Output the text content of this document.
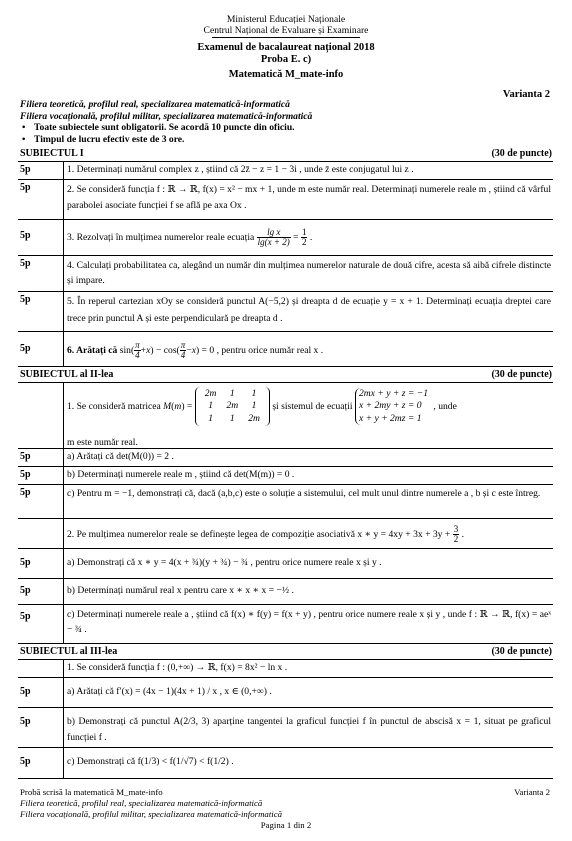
Ministerul Educației Naționale
Centrul Național de Evaluare și Examinare
Examenul de bacalaureat național 2018
Proba E. c)
Matematică M_mate-info
Varianta 2
Filiera teoretică, profilul real, specializarea matematică-informatică
Filiera vocațională, profilul militar, specializarea matematică-informatică
• Toate subiectele sunt obligatorii. Se acordă 10 puncte din oficiu.
• Timpul de lucru efectiv este de 3 ore.
SUBIECTUL I	(30 de puncte)
5p	1. Determinați numărul complex z , știind că 2z̄ − z = 1 − 3i , unde z̄ este conjugatul lui z .
5p	2. Se consideră funcția f : ℝ → ℝ, f(x) = x² − mx + 1, unde m este număr real. Determinați numerele reale m , știind că vârful parabolei asociate funcției f se află pe axa Ox .
5p	3. Rezolvați în mulțimea numerelor reale ecuația $\frac{\text{lg x}}{\lg(x + 2)} = \frac{1}{2}$ .
5p	4. Calculați probabilitatea ca, alegând un număr din mulțimea numerelor naturale de două cifre, acesta să aibă cifrele distincte și impare.
5p	5. În reperul cartezian xOy se consideră punctul A(−5,2) și dreapta d de ecuație y = x + 1. Determinați ecuația dreptei care trece prin punctul A și este perpendiculară pe dreapta d .
5p	6. Arătați că $\sin( \frac{\pi}{4} +x) - \cos( \frac{\pi}{4} -x) = 0$ , pentru orice număr real x .
SUBIECTUL al II-lea	(30 de puncte)
1. Se consideră matricea M(m) =
2m	1	1
1	2m	1
1	1	2m
și sistemul de ecuații
2mx + y + z = −1
x + 2my + z = 0
x + y + 2mz = 1
, unde
m este număr real.
5p	a) Arătați că det(M(0)) = 2 .
5p	b) Determinați numerele reale m , știind că det(M(m)) = 0 .
5p	c) Pentru m = −1, demonstrați că, dacă (a,b,c) este o soluție a sistemului, cel mult unul dintre numerele a , b și c este întreg.
2. Pe mulțimea numerelor reale se definește legea de compoziție asociativă x ∗ $y = 4xy + 3x + 3y + \frac{3}{2}$ .
5p	a) Demonstrați că x ∗ y = 4(x + ¾)(y + ¾) − ¾ , pentru orice numere reale x și y .
5p	b) Determinați numărul real x pentru care x ∗ x ∗ x = −½ .
5p	c) Determinați numerele reale a , știind că f(x) ∗ f(y) = f(x + y) , pentru orice numere reale x și y , unde f : ℝ → ℝ, f(x) = aeˣ − ¾ .
SUBIECTUL al III-lea	(30 de puncte)
1. Se consideră funcția f : (0,+∞) → ℝ, f(x) = 8x² − ln x .
5p	a) Arătați că f′(x) = (4x − 1)(4x + 1) / x , x ∈ (0,+∞) .
5p	b) Demonstrați că punctul A(2/3, 3) aparține tangentei la graficul funcției f în punctul de abscisă x = 1, situat pe graficul funcției f .
5p	c) Demonstrați că f(1/3) < f(1/√7) < f(1/2) .
Probă scrisă la matematică M_mate-info
Filiera teoretică, profilul real, specializarea matematică-informatică
Filiera vocațională, profilul militar, specializarea matematică-informatică
Varianta 2
Pagina 1 din 2
